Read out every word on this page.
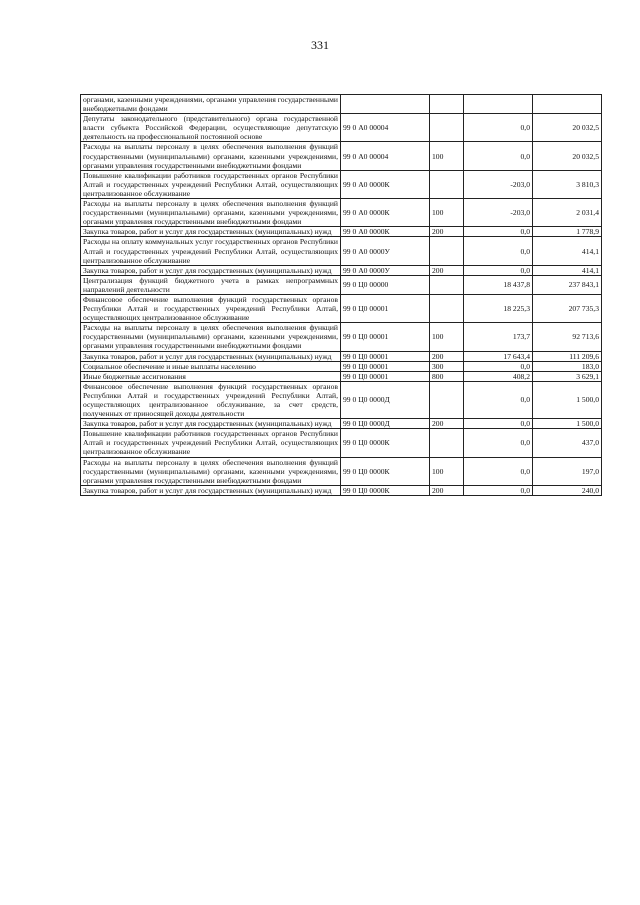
331
органами, казенными учреждениями, органами управления государственными внебюджетными фондами				
Депутаты законодательного (представительного) органа государственной власти субъекта Российской Федерации, осуществляющие депутатскую деятельность на профессиональной постоянной основе	99 0 А0 00004		0,0	20 032,5
Расходы на выплаты персоналу в целях обеспечения выполнения функций государственными (муниципальными) органами, казенными учреждениями, органами управления государственными внебюджетными фондами	99 0 А0 00004	100	0,0	20 032,5
Повышение квалификации работников государственных органов Республики Алтай и государственных учреждений Республики Алтай, осуществляющих централизованное обслуживание	99 0 А0 0000К		-203,0	3 810,3
Расходы на выплаты персоналу в целях обеспечения выполнения функций государственными (муниципальными) органами, казенными учреждениями, органами управления государственными внебюджетными фондами	99 0 А0 0000К	100	-203,0	2 031,4
Закупка товаров, работ и услуг для государственных (муниципальных) нужд	99 0 А0 0000К	200	0,0	1 778,9
Расходы на оплату коммунальных услуг государственных органов Республики Алтай и государственных учреждений Республики Алтай, осуществляющих централизованное обслуживание	99 0 А0 0000У		0,0	414,1
Закупка товаров, работ и услуг для государственных (муниципальных) нужд	99 0 А0 0000У	200	0,0	414,1
Централизация функций бюджетного учета в рамках непрограммных направлений деятельности	99 0 Ц0 00000		18 437,8	237 843,1
Финансовое обеспечение выполнения функций государственных органов Республики Алтай и государственных учреждений Республики Алтай, осуществляющих централизованное обслуживание	99 0 Ц0 00001		18 225,3	207 735,3
Расходы на выплаты персоналу в целях обеспечения выполнения функций государственными (муниципальными) органами, казенными учреждениями, органами управления государственными внебюджетными фондами	99 0 Ц0 00001	100	173,7	92 713,6
Закупка товаров, работ и услуг для государственных (муниципальных) нужд	99 0 Ц0 00001	200	17 643,4	111 209,6
Социальное обеспечение и иные выплаты населению	99 0 Ц0 00001	300	0,0	183,0
Иные бюджетные ассигнования	99 0 Ц0 00001	800	408,2	3 629,1
Финансовое обеспечение выполнения функций государственных органов Республики Алтай и государственных учреждений Республики Алтай, осуществляющих централизованное обслуживание, за счет средств, полученных от приносящей доходы деятельности	99 0 Ц0 0000Д		0,0	1 500,0
Закупка товаров, работ и услуг для государственных (муниципальных) нужд	99 0 Ц0 0000Д	200	0,0	1 500,0
Повышение квалификации работников государственных органов Республики Алтай и государственных учреждений Республики Алтай, осуществляющих централизованное обслуживание	99 0 Ц0 0000К		0,0	437,0
Расходы на выплаты персоналу в целях обеспечения выполнения функций государственными (муниципальными) органами, казенными учреждениями, органами управления государственными внебюджетными фондами	99 0 Ц0 0000К	100	0,0	197,0
Закупка товаров, работ и услуг для государственных (муниципальных) нужд	99 0 Ц0 0000К	200	0,0	240,0
